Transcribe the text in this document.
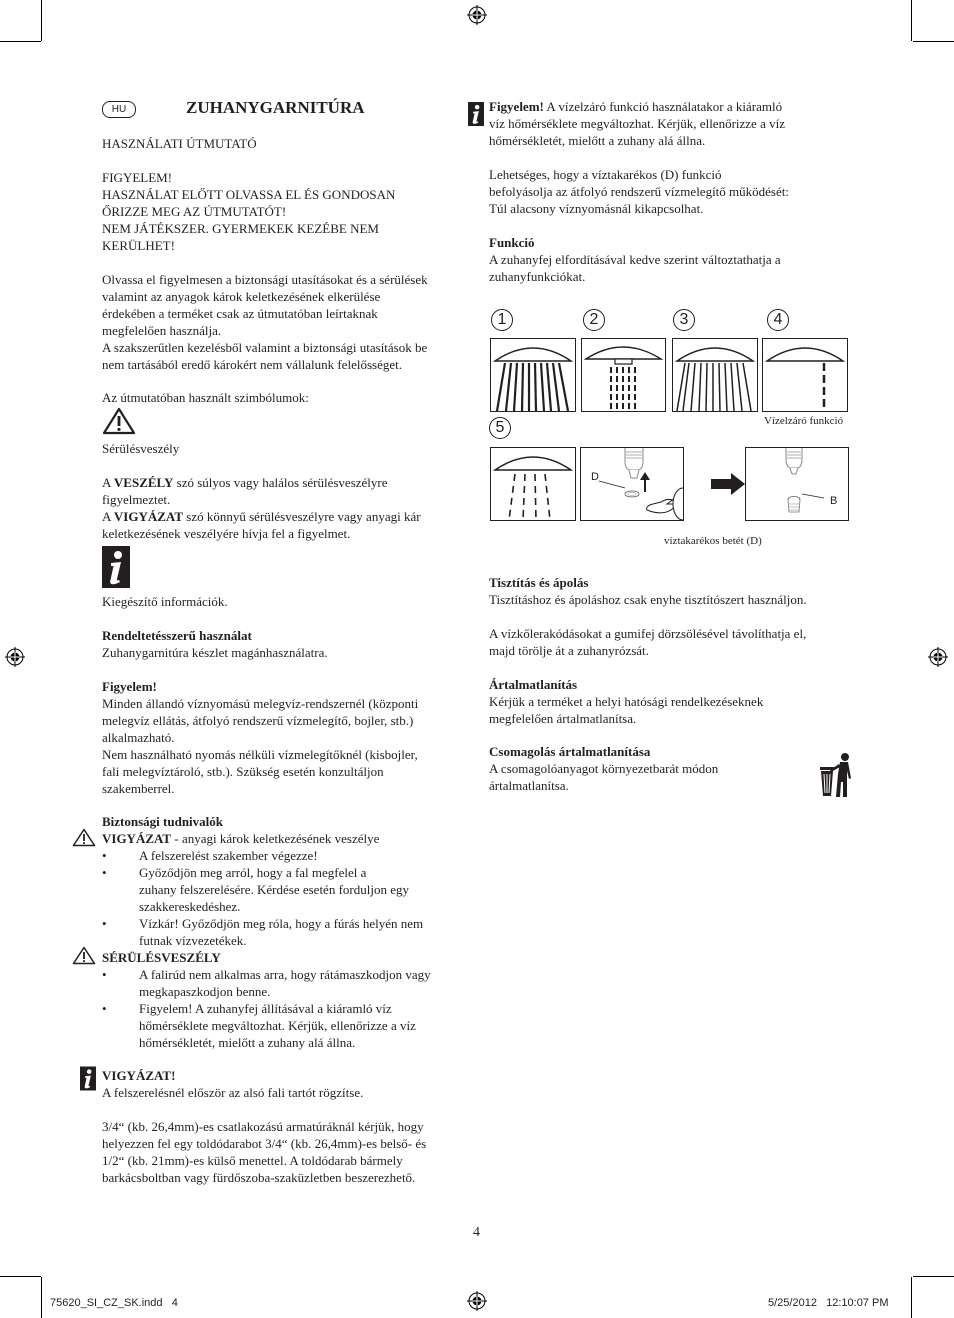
HU	ZUHANYGARNITÚRA
HASZNÁLATI ÚTMUTATÓ

FIGYELEM!

HASZNÁLAT ELŐTT OLVASSA EL ÉS GONDOSAN

ŐRIZZE MEG AZ ÚTMUTATÓT!

NEM JÁTÉKSZER. GYERMEKEK KEZÉBE NEM

KERÜLHET!

Olvassa el figyelmesen a biztonsági utasításokat és a sérülések

valamint az anyagok károk keletkezésének elkerülése

érdekében a terméket csak az útmutatóban leírtaknak

megfelelően használja.

A szakszerűtlen kezelésből valamint a biztonsági utasítások be

nem tartásából eredő károkért nem vállalunk felelősséget.

Az útmutatóban használt szimbólumok:
Sérülésveszély

A VESZÉLY szó súlyos vagy halálos sérülésveszélyre

figyelmeztet.

A VIGYÁZAT szó könnyű sérülésveszélyre vagy anyagi kár

keletkezésének veszélyére hívja fel a figyelmet.

Kiegészítő információk.

Rendeltetésszerű használat

Zuhanygarnitúra készlet magánhasználatra.

Figyelem!

Minden állandó víznyomású melegvíz-rendszernél (központi

melegvíz ellátás, átfolyó rendszerű vízmelegítő, bojler, stb.)

alkalmazható.

Nem használható nyomás nélküli vízmelegítőknél (kisbojler,

fali melegvíztároló, stb.). Szükség esetén konzultáljon

szakemberrel.

Biztonsági tudnivalók

VIGYÁZAT - anyagi károk keletkezésének veszélye

• A felszerelést szakember végezze!

• Győződjön meg arról, hogy a fal megfelel a

zuhany felszerelésére. Kérdése esetén forduljon egy

szakkereskedéshez.

• Vízkár! Győződjön meg róla, hogy a fúrás helyén nem

futnak vízvezetékek.

SÉRÜLÉSVESZÉLY

• A falirúd nem alkalmas arra, hogy rátámaszkodjon vagy

megkapaszkodjon benne.

• Figyelem! A zuhanyfej állításával a kiáramló víz

hőmérséklete megváltozhat. Kérjük, ellenőrizze a víz

hőmérsékletét, mielőtt a zuhany alá állna.

VIGYÁZAT!

A felszerelésnél először az alsó fali tartót rögzítse.

3/4“ (kb. 26,4mm)-es csatlakozású armatúráknál kérjük, hogy

helyezzen fel egy toldódarabot 3/4“ (kb. 26,4mm)-es belső- és

1/2“ (kb. 21mm)-es külső menettel. A toldódarab bármely

barkácsboltban vagy fürdőszoba-szaküzletben beszerezhető.

Figyelem! A vízelzáró funkció használatakor a kiáramló

víz hőmérséklete megváltozhat. Kérjük, ellenőrizze a víz

hőmérsékletét, mielőtt a zuhany alá állna.

Lehetséges, hogy a víztakarékos (D) funkció

befolyásolja az átfolyó rendszerű vízmelegítő működését:

Túl alacsony víznyomásnál kikapcsolhat.

Funkció

A zuhanyfej elfordításával kedve szerint változtathatja a

zuhanyfunkciókat.

1	2	3	4
5	Vízelzáró funkció
D
B
víztakarékos betét (D)

Tisztítás és ápolás

Tisztításhoz és ápoláshoz csak enyhe tisztítószert használjon.

A vízkőlerakódásokat a gumifej dörzsölésével távolíthatja el,

majd törölje át a zuhanyrózsát.

Ártalmatlanítás

Kérjük a terméket a helyi hatósági rendelkezéseknek

megfelelően ártalmatlanítsa.

Csomagolás ártalmatlanítása

A csomagolóanyagot környezetbarát módon

ártalmatlanítsa.

4
75620_SI_CZ_SK.indd   4	5/25/2012   12:10:07 PM
